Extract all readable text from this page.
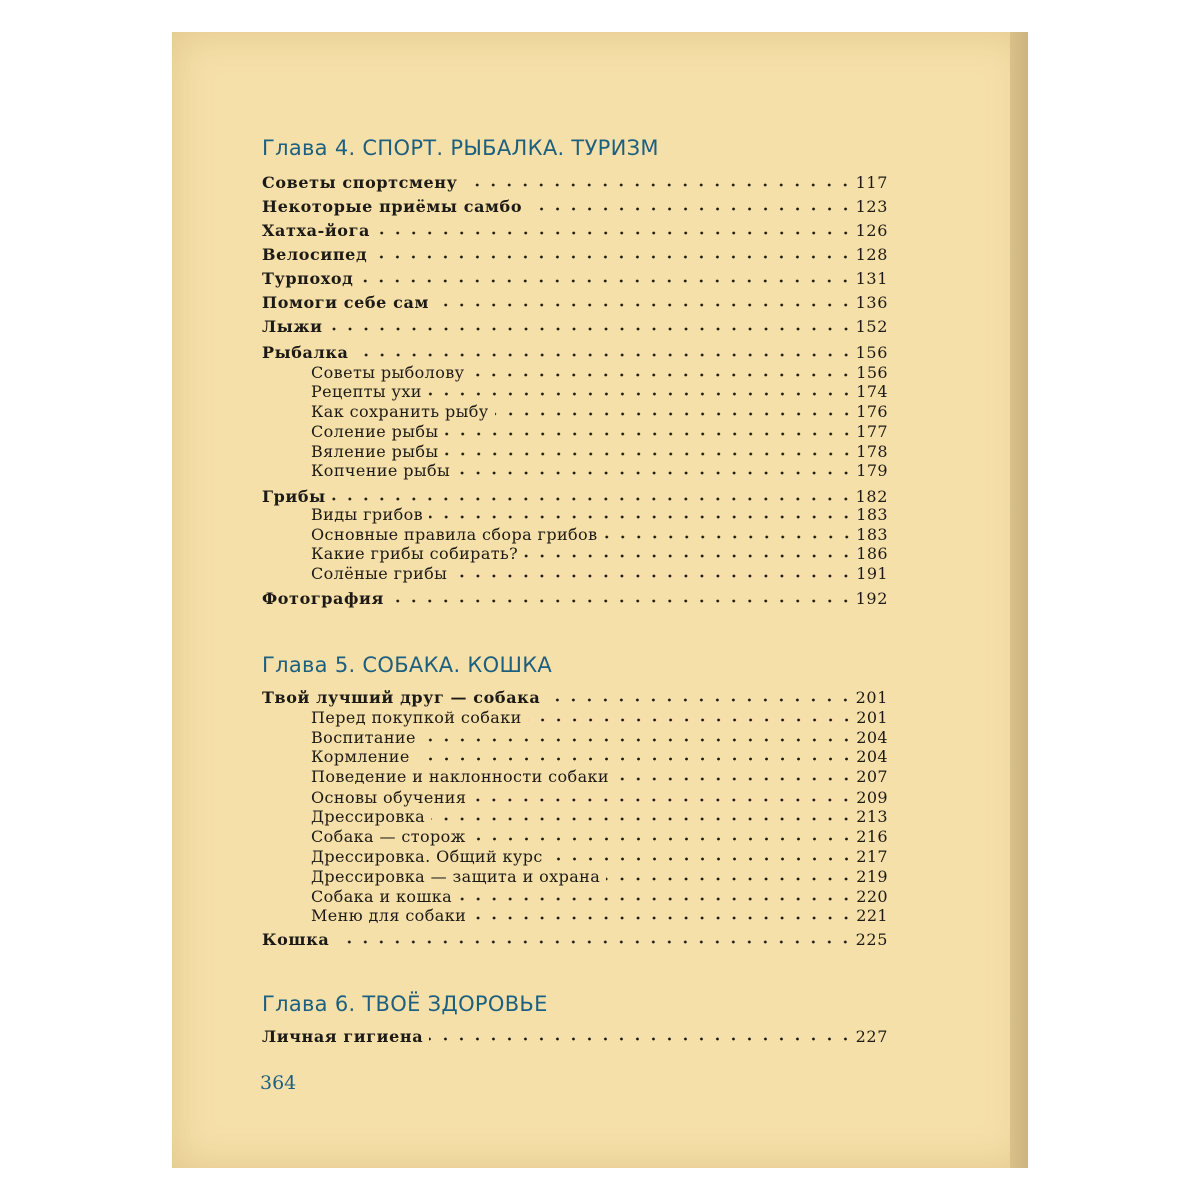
Глава 4. СПОРТ. РЫБАЛКА. ТУРИЗМ
Советы спортсмену	117
Некоторые приёмы самбо	123
Хатха-йога	126
Велосипед	128
Турпоход	131
Помоги себе сам	136
Лыжи	152
Рыбалка	156
Советы рыболову	156
Рецепты ухи	174
Как сохранить рыбу	176
Соление рыбы	177
Вяление рыбы	178
Копчение рыбы	179
Грибы	182
Виды грибов	183
Основные правила сбора грибов	183
Какие грибы собирать?	186
Солёные грибы	191
Фотография	192
Глава 5. СОБАКА. КОШКА
Твой лучший друг — собака	201
Перед покупкой собаки	201
Воспитание	204
Кормление	204
Поведение и наклонности собаки	207
Основы обучения	209
Дрессировка	213
Собака — сторож	216
Дрессировка. Общий курс	217
Дрессировка — защита и охрана	219
Собака и кошка	220
Меню для собаки	221
Кошка	225
Глава 6. ТВОЁ ЗДОРОВЬЕ
Личная гигиена	227
364
